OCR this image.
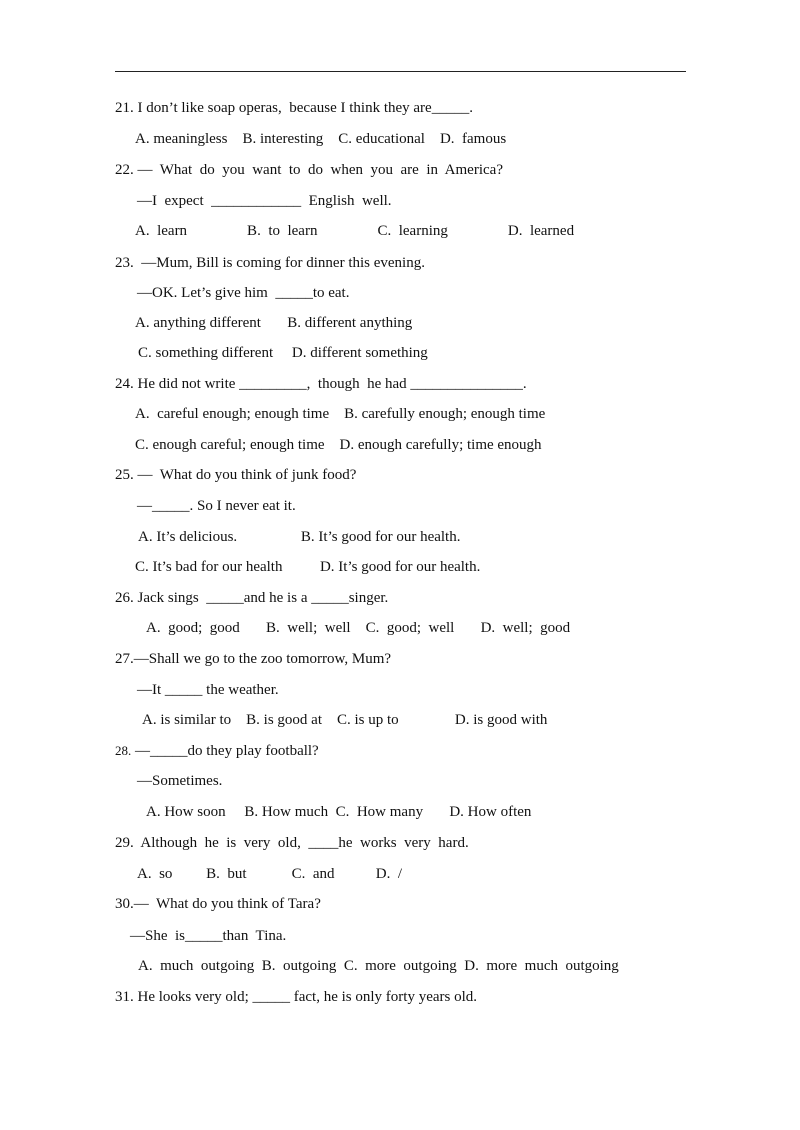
21. I don’t like soap operas,  because I think they are_____.
A. meaningless    B. interesting    C. educational    D.  famous
22. —  What  do  you  want  to  do  when  you  are  in  America?
—I  expect  ____________  English  well.
A.  learn                B.  to  learn                C.  learning                D.  learned
23.  —Mum, Bill is coming for dinner this evening.
—OK. Let’s give him  _____to eat.
A. anything different       B. different anything
C. something different     D. different something
24. He did not write _________,  though  he had _______________.
A.  careful enough; enough time    B. carefully enough; enough time
C. enough careful; enough time    D. enough carefully; time enough
25. —  What do you think of junk food?
—_____. So I never eat it.
A. It’s delicious.                 B. It’s good for our health.
C. It’s bad for our health          D. It’s good for our health.
26. Jack sings  _____and he is a _____singer.
A.  good;  good       B.  well;  well    C.  good;  well       D.  well;  good
27.—Shall we go to the zoo tomorrow, Mum?
—It _____ the weather.
A. is similar to    B. is good at    C. is up to               D. is good with
28. —_____do they play football?
—Sometimes.
A. How soon     B. How much  C.  How many       D. How often
29.  Although  he  is  very  old,  ____he  works  very  hard.
A.  so         B.  but            C.  and           D.  /
30.—  What do you think of Tara?
—She  is_____than  Tina.
A.  much  outgoing  B.  outgoing  C.  more  outgoing  D.  more  much  outgoing
31. He looks very old; _____ fact, he is only forty years old.
